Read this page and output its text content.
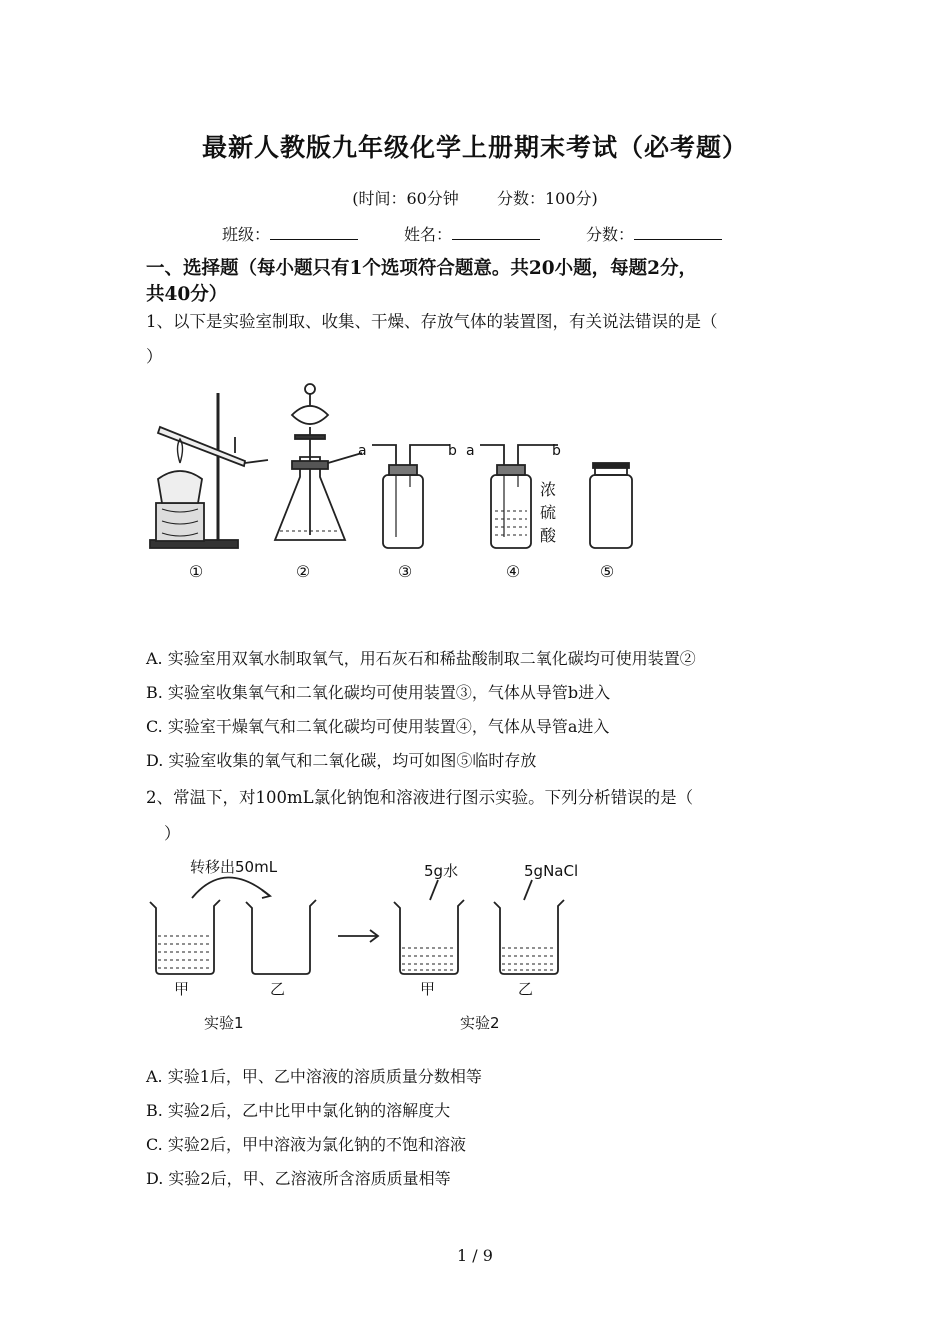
最新人教版九年级化学上册期末考试（必考题）
(时间：60分钟 分数：100分)
班级：	姓名：	分数：
一、选择题（每小题只有1个选项符合题意。共20小题，每题2分，
共40分）
1、以下是实验室制取、收集、干燥、存放气体的装置图，有关说法错误的是（
）
a	b a	b
浓
硫
酸
①	②	③	④	⑤
A. 实验室用双氧水制取氧气，用石灰石和稀盐酸制取二氧化碳均可使用装置②
B. 实验室收集氧气和二氧化碳均可使用装置③，气体从导管b进入
C. 实验室干燥氧气和二氧化碳均可使用装置④，气体从导管a进入
D. 实验室收集的氧气和二氧化碳，均可如图⑤临时存放
2、常温下，对100mL氯化钠饱和溶液进行图示实验。下列分析错误的是（
）
转移出50mL	5g水	5gNaCl
甲	乙	甲	乙
实验1	实验2
A. 实验1后，甲、乙中溶液的溶质质量分数相等
B. 实验2后，乙中比甲中氯化钠的溶解度大
C. 实验2后，甲中溶液为氯化钠的不饱和溶液
D. 实验2后，甲、乙溶液所含溶质质量相等
1 / 9
